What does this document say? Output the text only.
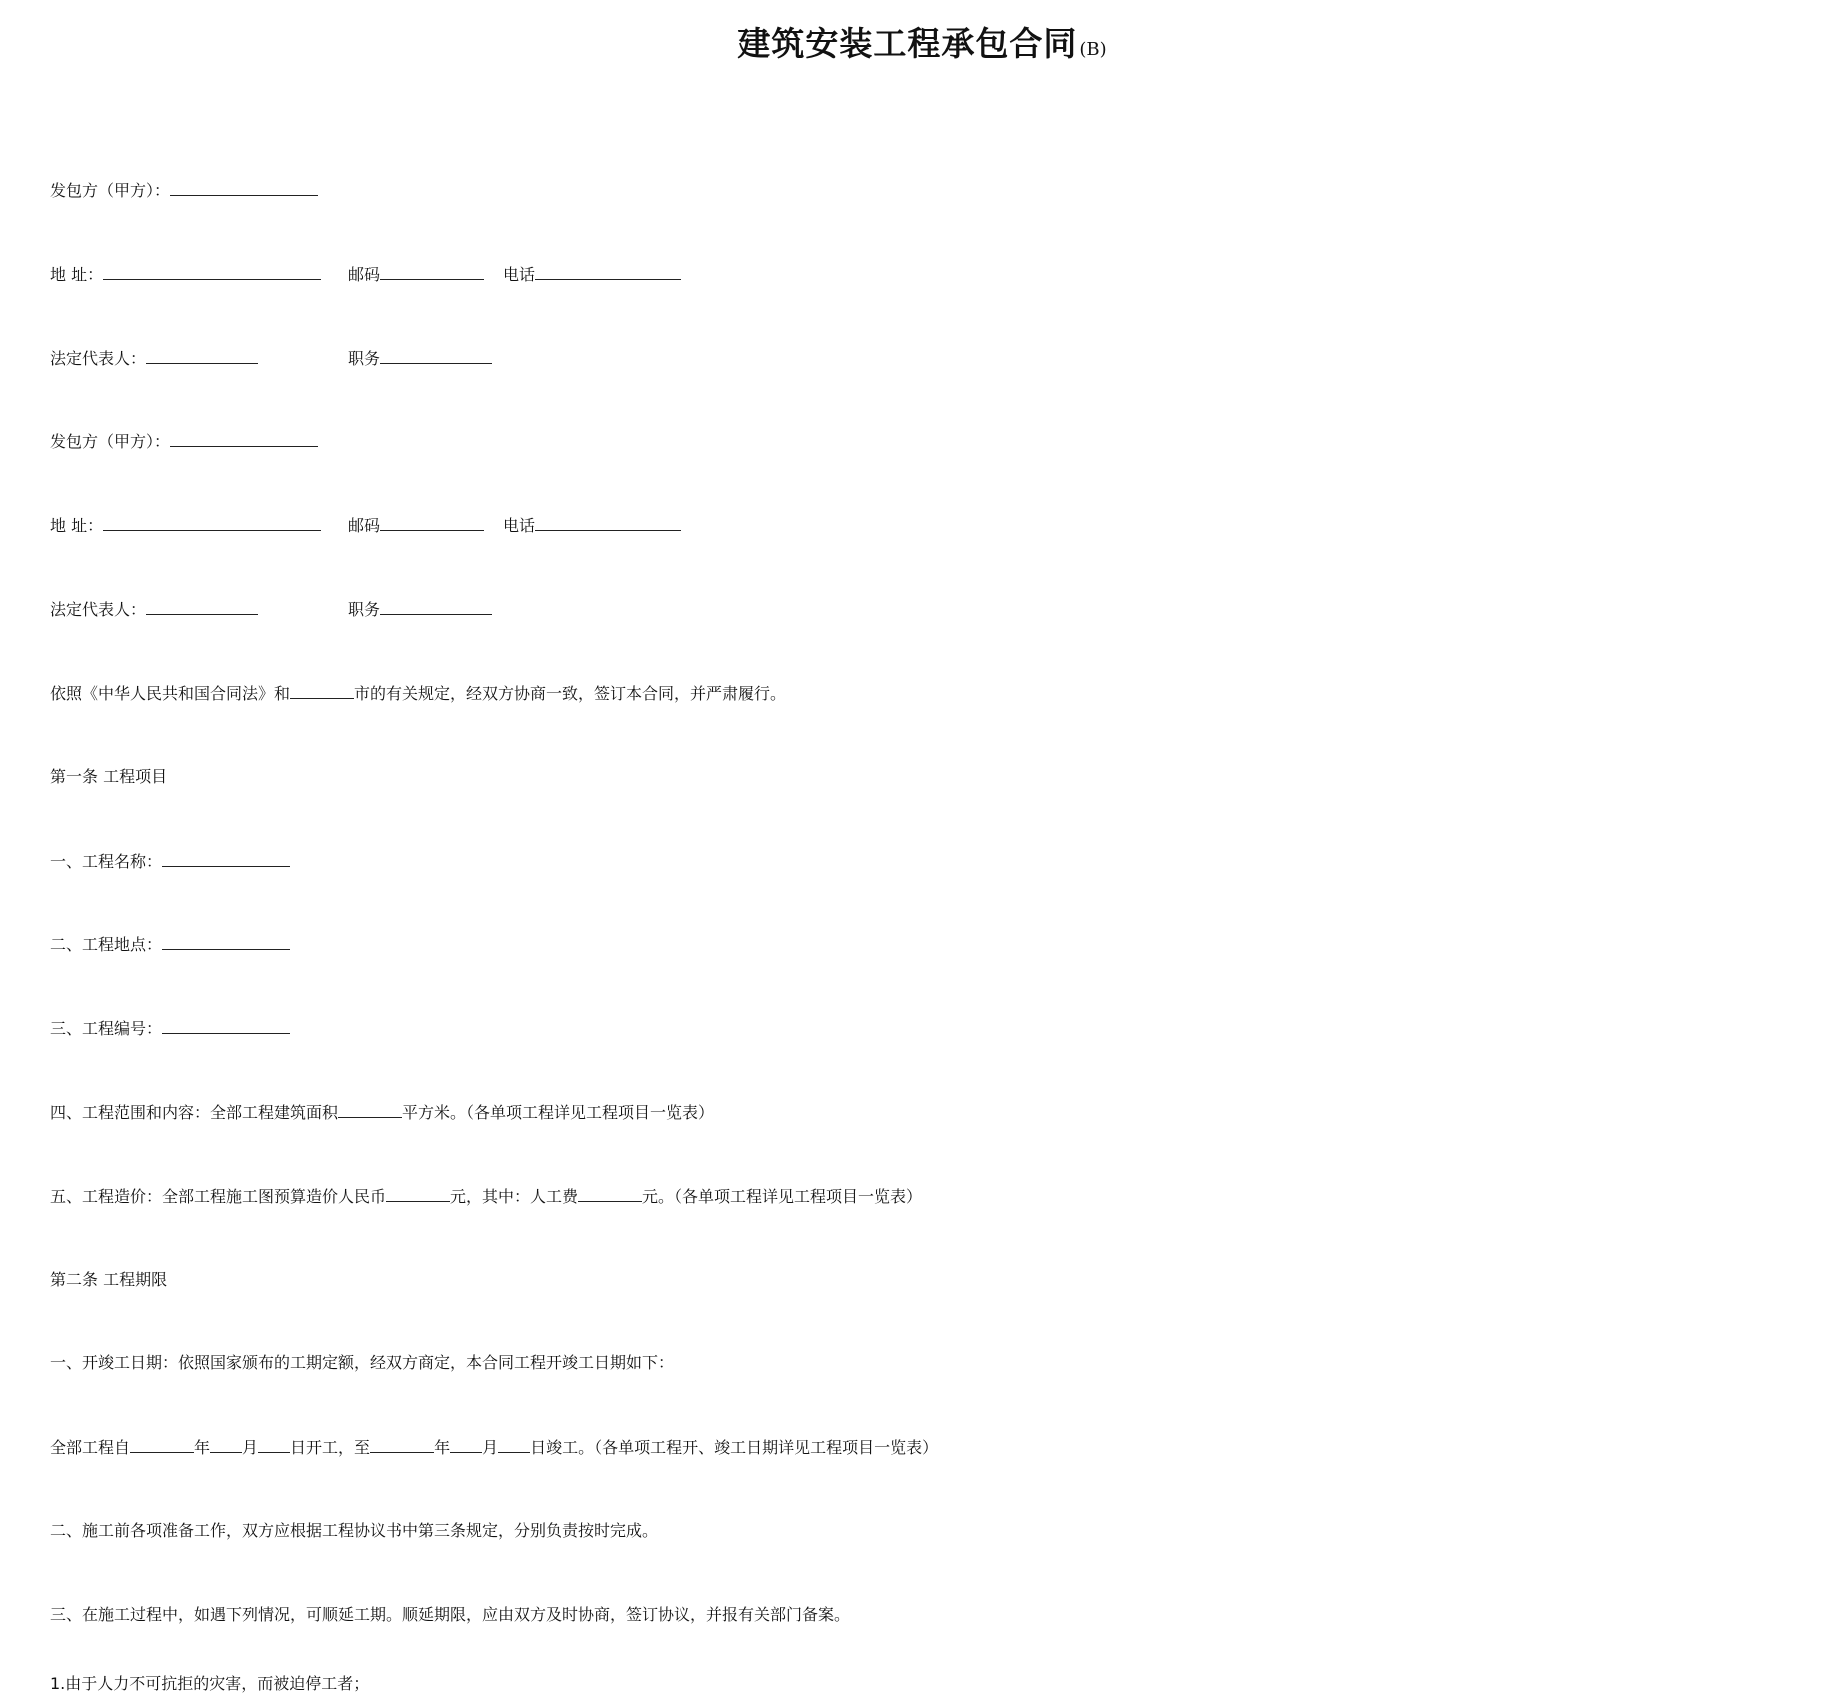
建筑安装工程承包合同 (B)
发包方（甲方）：
地 址：	邮码	电话
法定代表人：	职务
发包方（甲方）：
地 址：	邮码	电话
法定代表人：	职务
依照《中华人民共和国合同法》和	市的有关规定，经双方协商一致，签订本合同，并严肃履行。
第一条 工程项目
一、工程名称：
二、工程地点：
三、工程编号：
四、工程范围和内容：全部工程建筑面积	平方米。（各单项工程详见工程项目一览表）
五、工程造价：全部工程施工图预算造价人民币	元，其中：人工费	元。（各单项工程详见工程项目一览表）
第二条 工程期限
一、开竣工日期：依照国家颁布的工期定额，经双方商定，本合同工程开竣工日期如下：
全部工程自	年 月 日开工，至	年 月 日竣工。（各单项工程开、竣工日期详见工程项目一览表）
二、施工前各项准备工作，双方应根据工程协议书中第三条规定，分别负责按时完成。
三、在施工过程中，如遇下列情况，可顺延工期。顺延期限，应由双方及时协商，签订协议，并报有关部门备案。
1.由于人力不可抗拒的灾害，而被迫停工者；
